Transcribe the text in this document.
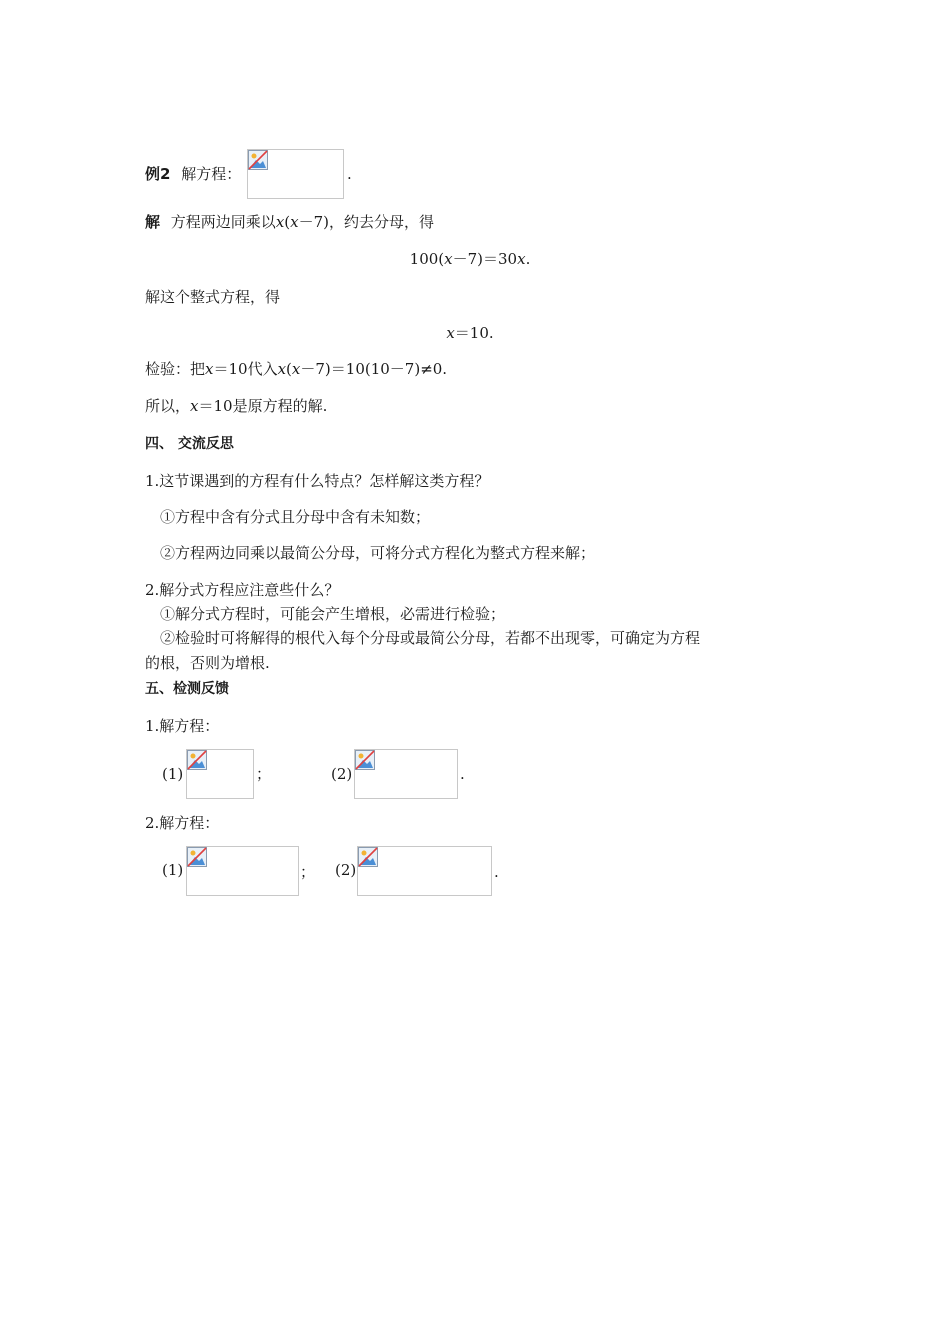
例2 解方程：	.
解 方程两边同乘以x(x－7)，约去分母，得
100(x－7)＝30x.
解这个整式方程，得
x＝10.
检验：把x＝10代入x(x－7)＝10(10－7)≠0.
所以，x＝10是原方程的解.
四、 交流反思
1.这节课遇到的方程有什么特点？怎样解这类方程？
①方程中含有分式且分母中含有未知数；
②方程两边同乘以最简公分母，可将分式方程化为整式方程来解；
2.解分式方程应注意些什么？
①解分式方程时，可能会产生增根，必需进行检验；
②检验时可将解得的根代入每个分母或最简公分母，若都不出现零，可确定为方程
的根，否则为增根.
五、检测反馈
1.解方程：
(1)	；	(2)	.
2.解方程：
(1)	； (2)	.
